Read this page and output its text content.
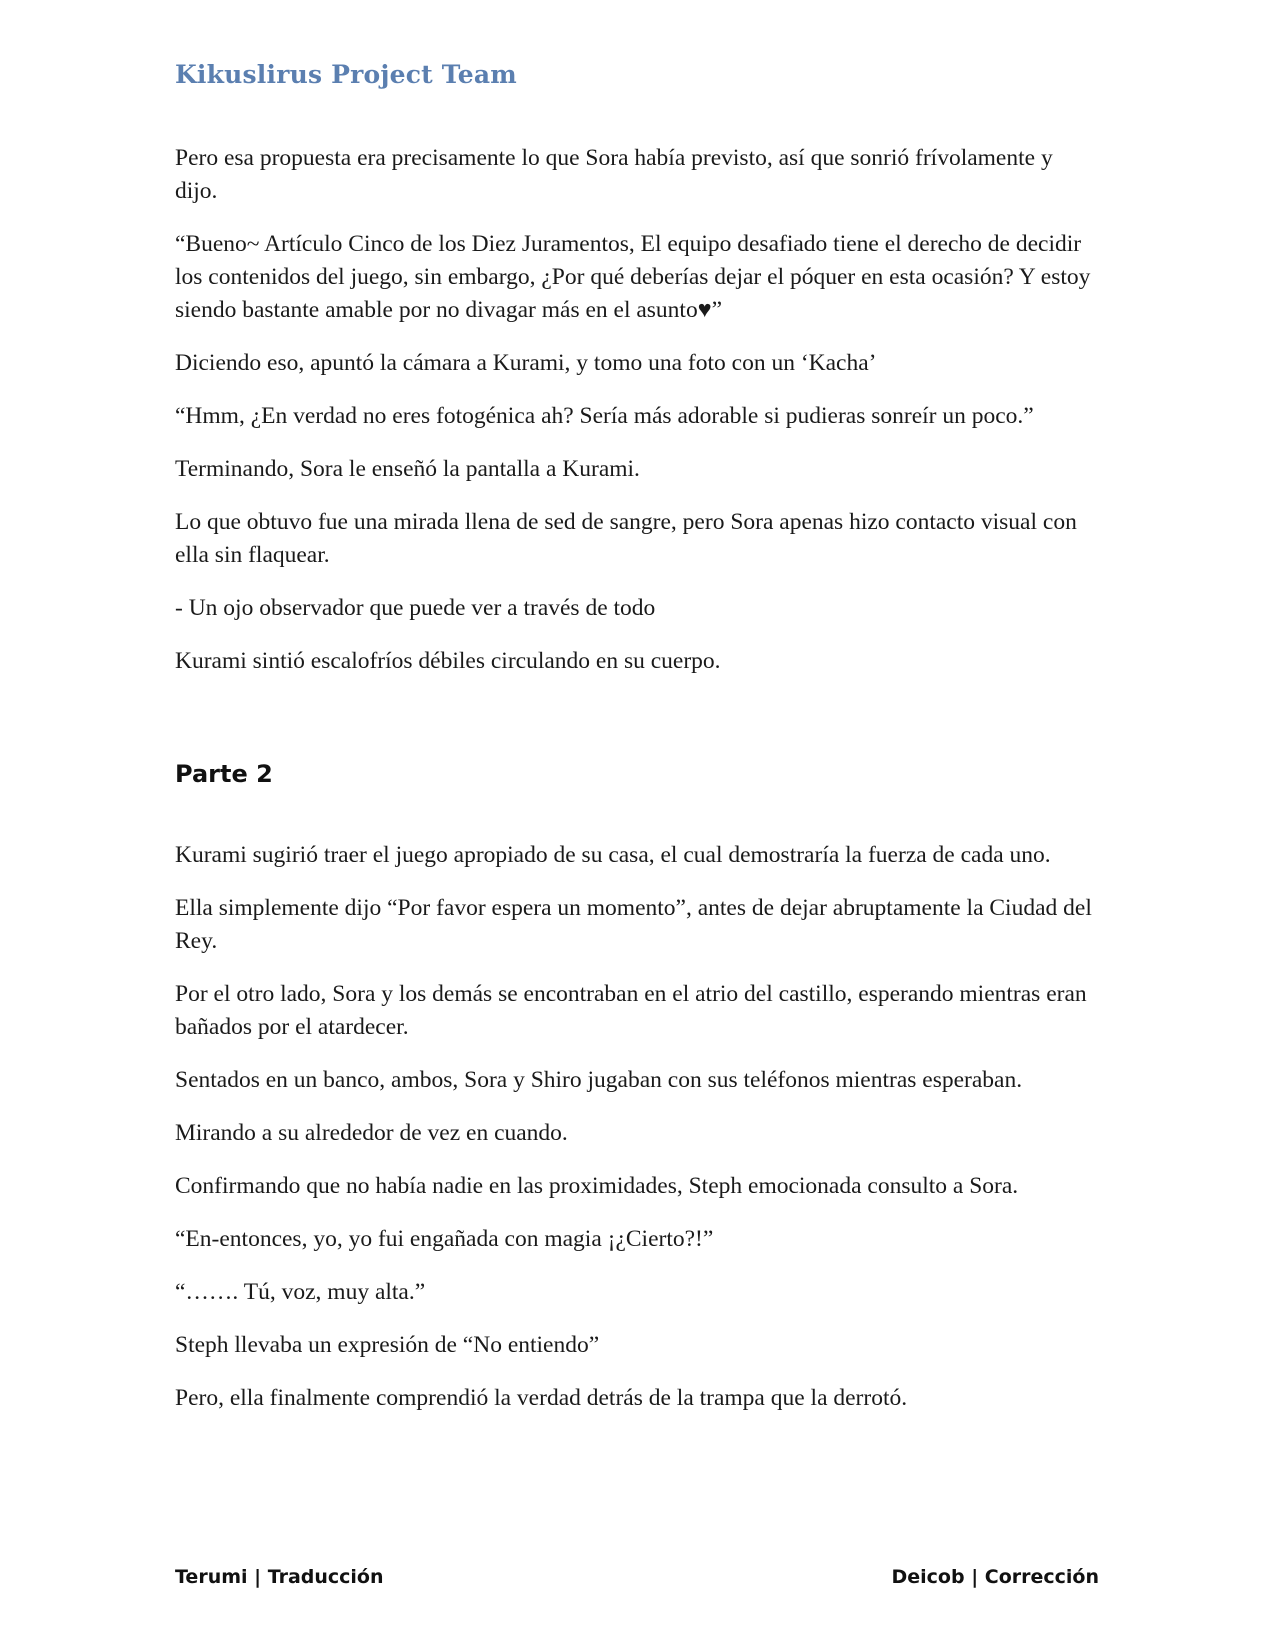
Kikuslirus Project Team

Pero esa propuesta era precisamente lo que Sora había previsto, así que sonrió frívolamente y dijo.

“Bueno~ Artículo Cinco de los Diez Juramentos, El equipo desafiado tiene el derecho de decidir los contenidos del juego, sin embargo, ¿Por qué deberías dejar el póquer en esta ocasión? Y estoy siendo bastante amable por no divagar más en el asunto♥”

Diciendo eso, apuntó la cámara a Kurami, y tomo una foto con un ‘Kacha’

“Hmm, ¿En verdad no eres fotogénica ah? Sería más adorable si pudieras sonreír un poco.”

Terminando, Sora le enseñó la pantalla a Kurami.

Lo que obtuvo fue una mirada llena de sed de sangre, pero Sora apenas hizo contacto visual con ella sin flaquear.

- Un ojo observador que puede ver a través de todo

Kurami sintió escalofríos débiles circulando en su cuerpo.

Parte 2

Kurami sugirió traer el juego apropiado de su casa, el cual demostraría la fuerza de cada uno.

Ella simplemente dijo “Por favor espera un momento”, antes de dejar abruptamente la Ciudad del Rey.

Por el otro lado, Sora y los demás se encontraban en el atrio del castillo, esperando mientras eran bañados por el atardecer.

Sentados en un banco, ambos, Sora y Shiro jugaban con sus teléfonos mientras esperaban.

Mirando a su alrededor de vez en cuando.

Confirmando que no había nadie en las proximidades, Steph emocionada consulto a Sora.

“En-entonces, yo, yo fui engañada con magia ¡¿Cierto?!”

“……. Tú, voz, muy alta.”

Steph llevaba un expresión de “No entiendo”

Pero, ella finalmente comprendió la verdad detrás de la trampa que la derrotó.

Terumi | Traducción	Deicob | Corrección
